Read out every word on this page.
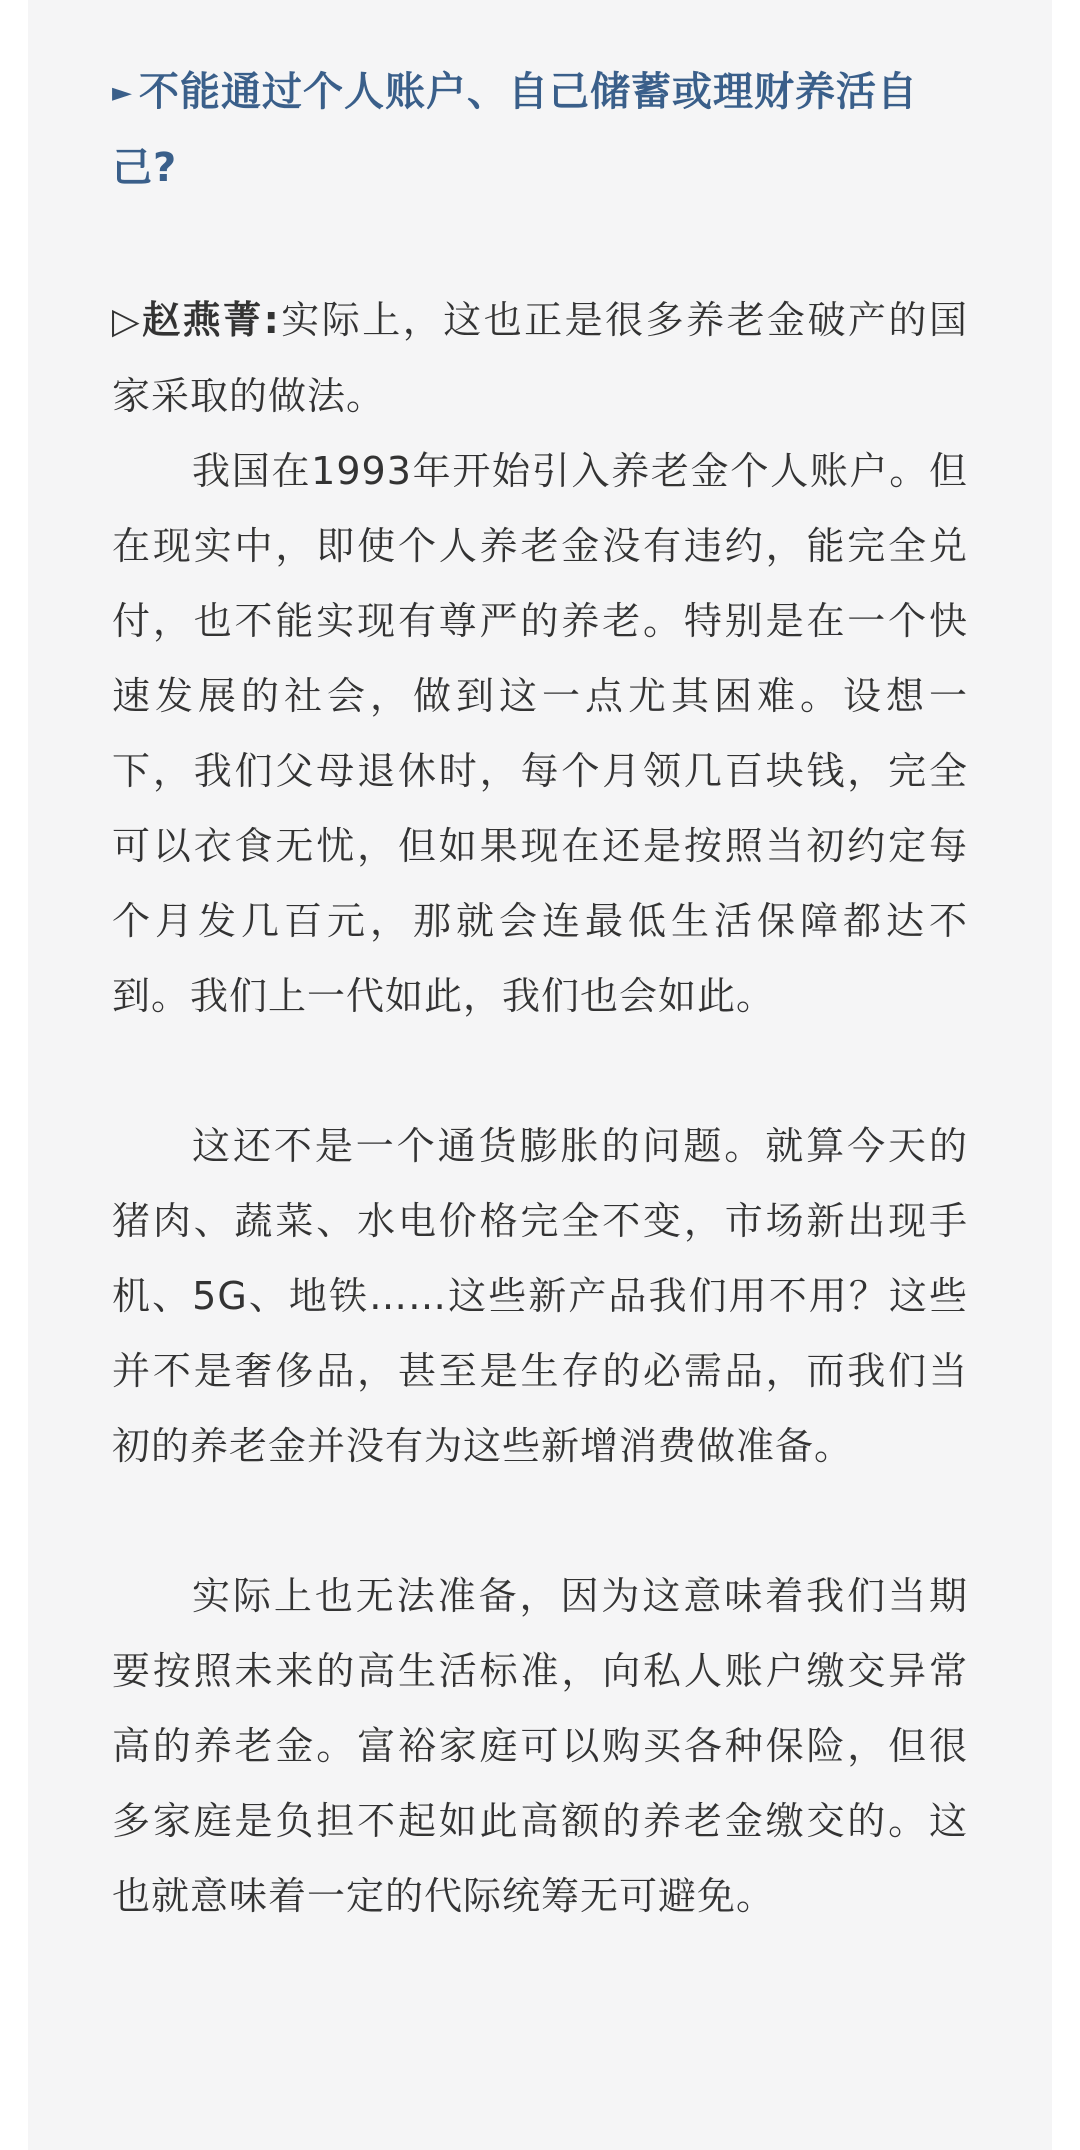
► 不能通过个人账户、自己储蓄或理财养活自己?

▷赵燕菁:实际上，这也正是很多养老金破产的国家采取的做法。

我国在1993年开始引入养老金个人账户。但在现实中，即使个人养老金没有违约，能完全兑付，也不能实现有尊严的养老。特别是在一个快速发展的社会，做到这一点尤其困难。设想一下，我们父母退休时，每个月领几百块钱，完全可以衣食无忧，但如果现在还是按照当初约定每个月发几百元，那就会连最低生活保障都达不到。我们上一代如此，我们也会如此。

这还不是一个通货膨胀的问题。就算今天的猪肉、蔬菜、水电价格完全不变，市场新出现手机、5G、地铁……这些新产品我们用不用？这些并不是奢侈品，甚至是生存的必需品，而我们当初的养老金并没有为这些新增消费做准备。

实际上也无法准备，因为这意味着我们当期要按照未来的高生活标准，向私人账户缴交异常高的养老金。富裕家庭可以购买各种保险，但很多家庭是负担不起如此高额的养老金缴交的。这也就意味着一定的代际统筹无可避免。
